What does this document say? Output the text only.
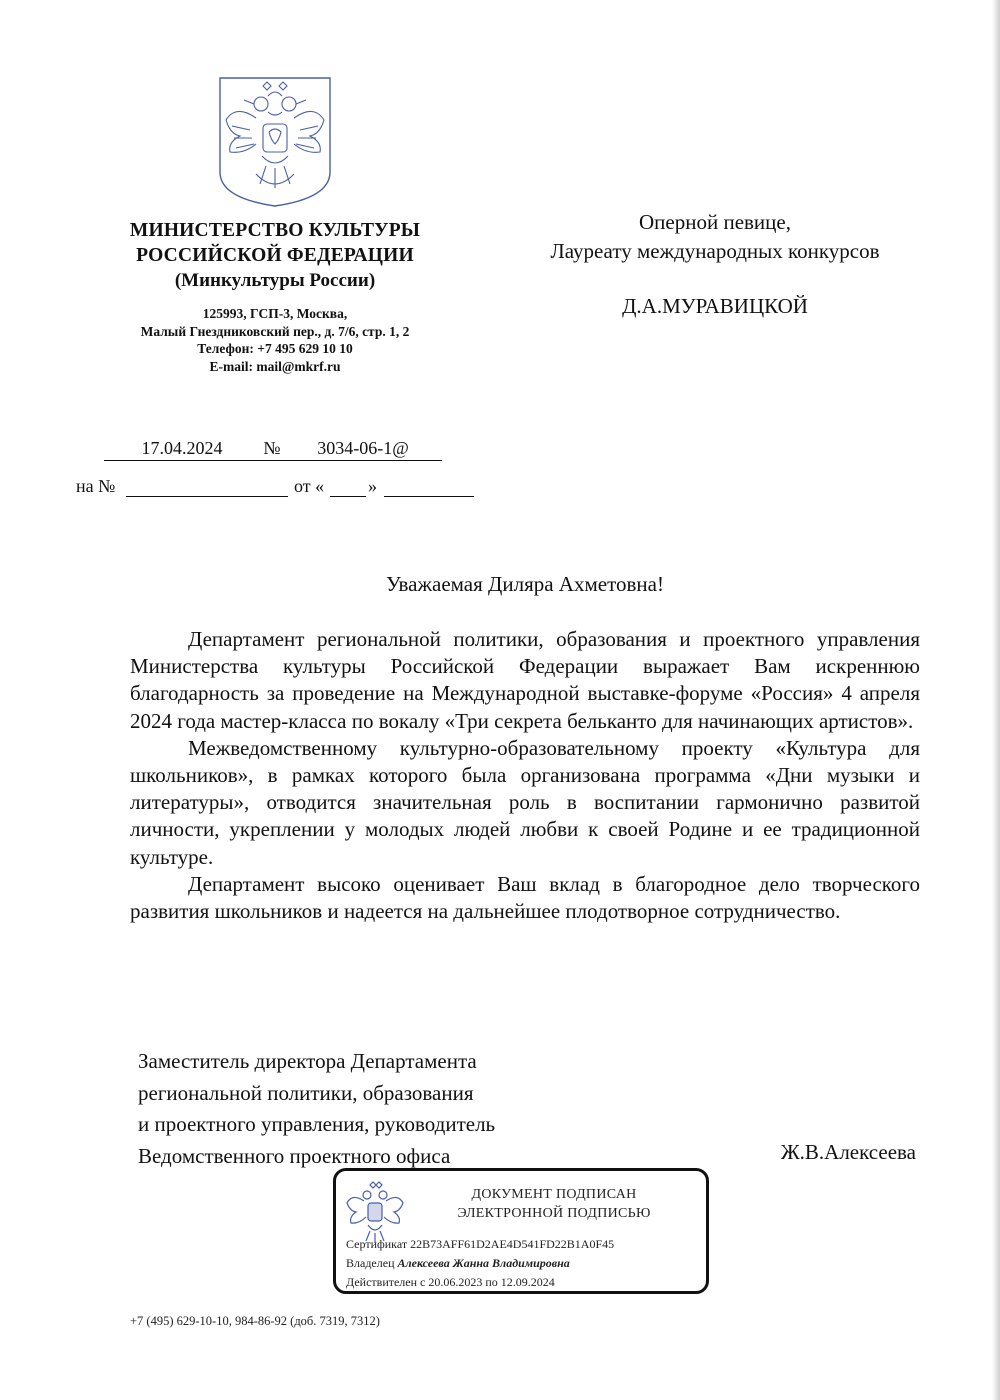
МИНИСТЕРСТВО КУЛЬТУРЫ
РОССИЙСКОЙ ФЕДЕРАЦИИ
(Минкультуры России)
125993, ГСП-3, Москва,
Малый Гнездниковский пер., д. 7/6, стр. 1, 2
Телефон: +7 495 629 10 10
E-mail: mail@mkrf.ru
Оперной певице,
Лауреату международных конкурсов
Д.А.МУРАВИЦКОЙ
17.04.2024	№	3034-06-1@
на №	от « »
Уважаемая Диляра Ахметовна!

Департамент региональной политики, образования и проектного управления Министерства культуры Российской Федерации выражает Вам искреннюю благодарность за проведение на Международной выставке-форуме «Россия» 4 апреля 2024 года мастер-класса по вокалу «Три секрета бельканто для начинающих артистов».

Межведомственному культурно-образовательному проекту «Культура для школьников», в рамках которого была организована программа «Дни музыки и литературы», отводится значительная роль в воспитании гармонично развитой личности, укреплении у молодых людей любви к своей Родине и ее традиционной культуре.

Департамент высоко оценивает Ваш вклад в благородное дело творческого развития школьников и надеется на дальнейшее плодотворное сотрудничество.

Заместитель директора Департамента
региональной политики, образования
и проектного управления, руководитель
Ведомственного проектного офиса	Ж.В.Алексеева
ДОКУМЕНТ ПОДПИСАН
ЭЛЕКТРОННОЙ ПОДПИСЬЮ
Сертификат 22B73AFF61D2AE4D541FD22B1A0F45
Владелец Алексеева Жанна Владимировна
Действителен с 20.06.2023 по 12.09.2024
+7 (495) 629-10-10, 984-86-92 (доб. 7319, 7312)
